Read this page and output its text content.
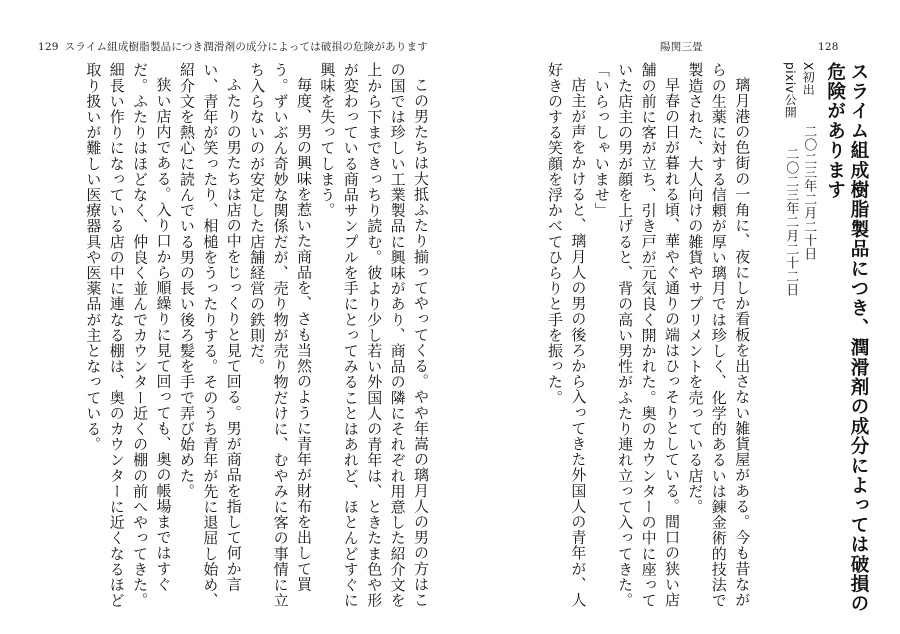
129 スライム組成樹脂製品につき潤滑剤の成分によっては破損の危険があります	陽関三畳	128

スライム組成樹脂製品につき、潤滑剤の成分によっては破損の危険があります

X初出二〇二三年二月二十日
pixiv公開二〇二三年二月二十二日

璃月港の色街の一角に、夜にしか看板を出さない雑貨屋がある。今も昔ながらの生薬に対する信頼が厚い璃月では珍しく、化学的あるいは錬金術的技法で製造された、大人向けの雑貨やサプリメントを売っている店だ。

早春の日が暮れる頃、華やぐ通りの端はひっそりとしている。間口の狭い店舗の前に客が立ち、引き戸が元気良く開かれた。奥のカウンターの中に座っていた店主の男が顔を上げると、背の高い男性がふたり連れ立って入ってきた。

「いらっしゃいませ」

店主が声をかけると、璃月人の男の後ろから入ってきた外国人の青年が、人好きのする笑顔を浮かべてひらりと手を振った。

この男たちは大抵ふたり揃ってやってくる。やや年嵩の璃月人の男の方はこの国では珍しい工業製品に興味があり、商品の隣にそれぞれ用意した紹介文を上から下まできっちり読む。彼より少し若い外国人の青年は、ときたま色や形が変わっている商品サンプルを手にとってみることはあれど、ほとんどすぐに興味を失ってしまう。

毎度、男の興味を惹いた商品を、さも当然のように青年が財布を出して買う。ずいぶん奇妙な関係だが、売り物が売り物だけに、むやみに客の事情に立ち入らないのが安定した店舗経営の鉄則だ。

ふたりの男たちは店の中をじっくりと見て回る。男が商品を指して何か言い、青年が笑ったり、相槌をうったりする。そのうち青年が先に退屈し始め、紹介文を熱心に読んでいる男の長い後ろ髪を手で弄び始めた。

狭い店内である。入り口から順繰りに見て回っても、奥の帳場まではすぐだ。ふたりはほどなく、仲良く並んでカウンター近くの棚の前へやってきた。細長い作りになっている店の中に連なる棚は、奥のカウンターに近くなるほど取り扱いが難しい医療器具や医薬品が主となっている。
